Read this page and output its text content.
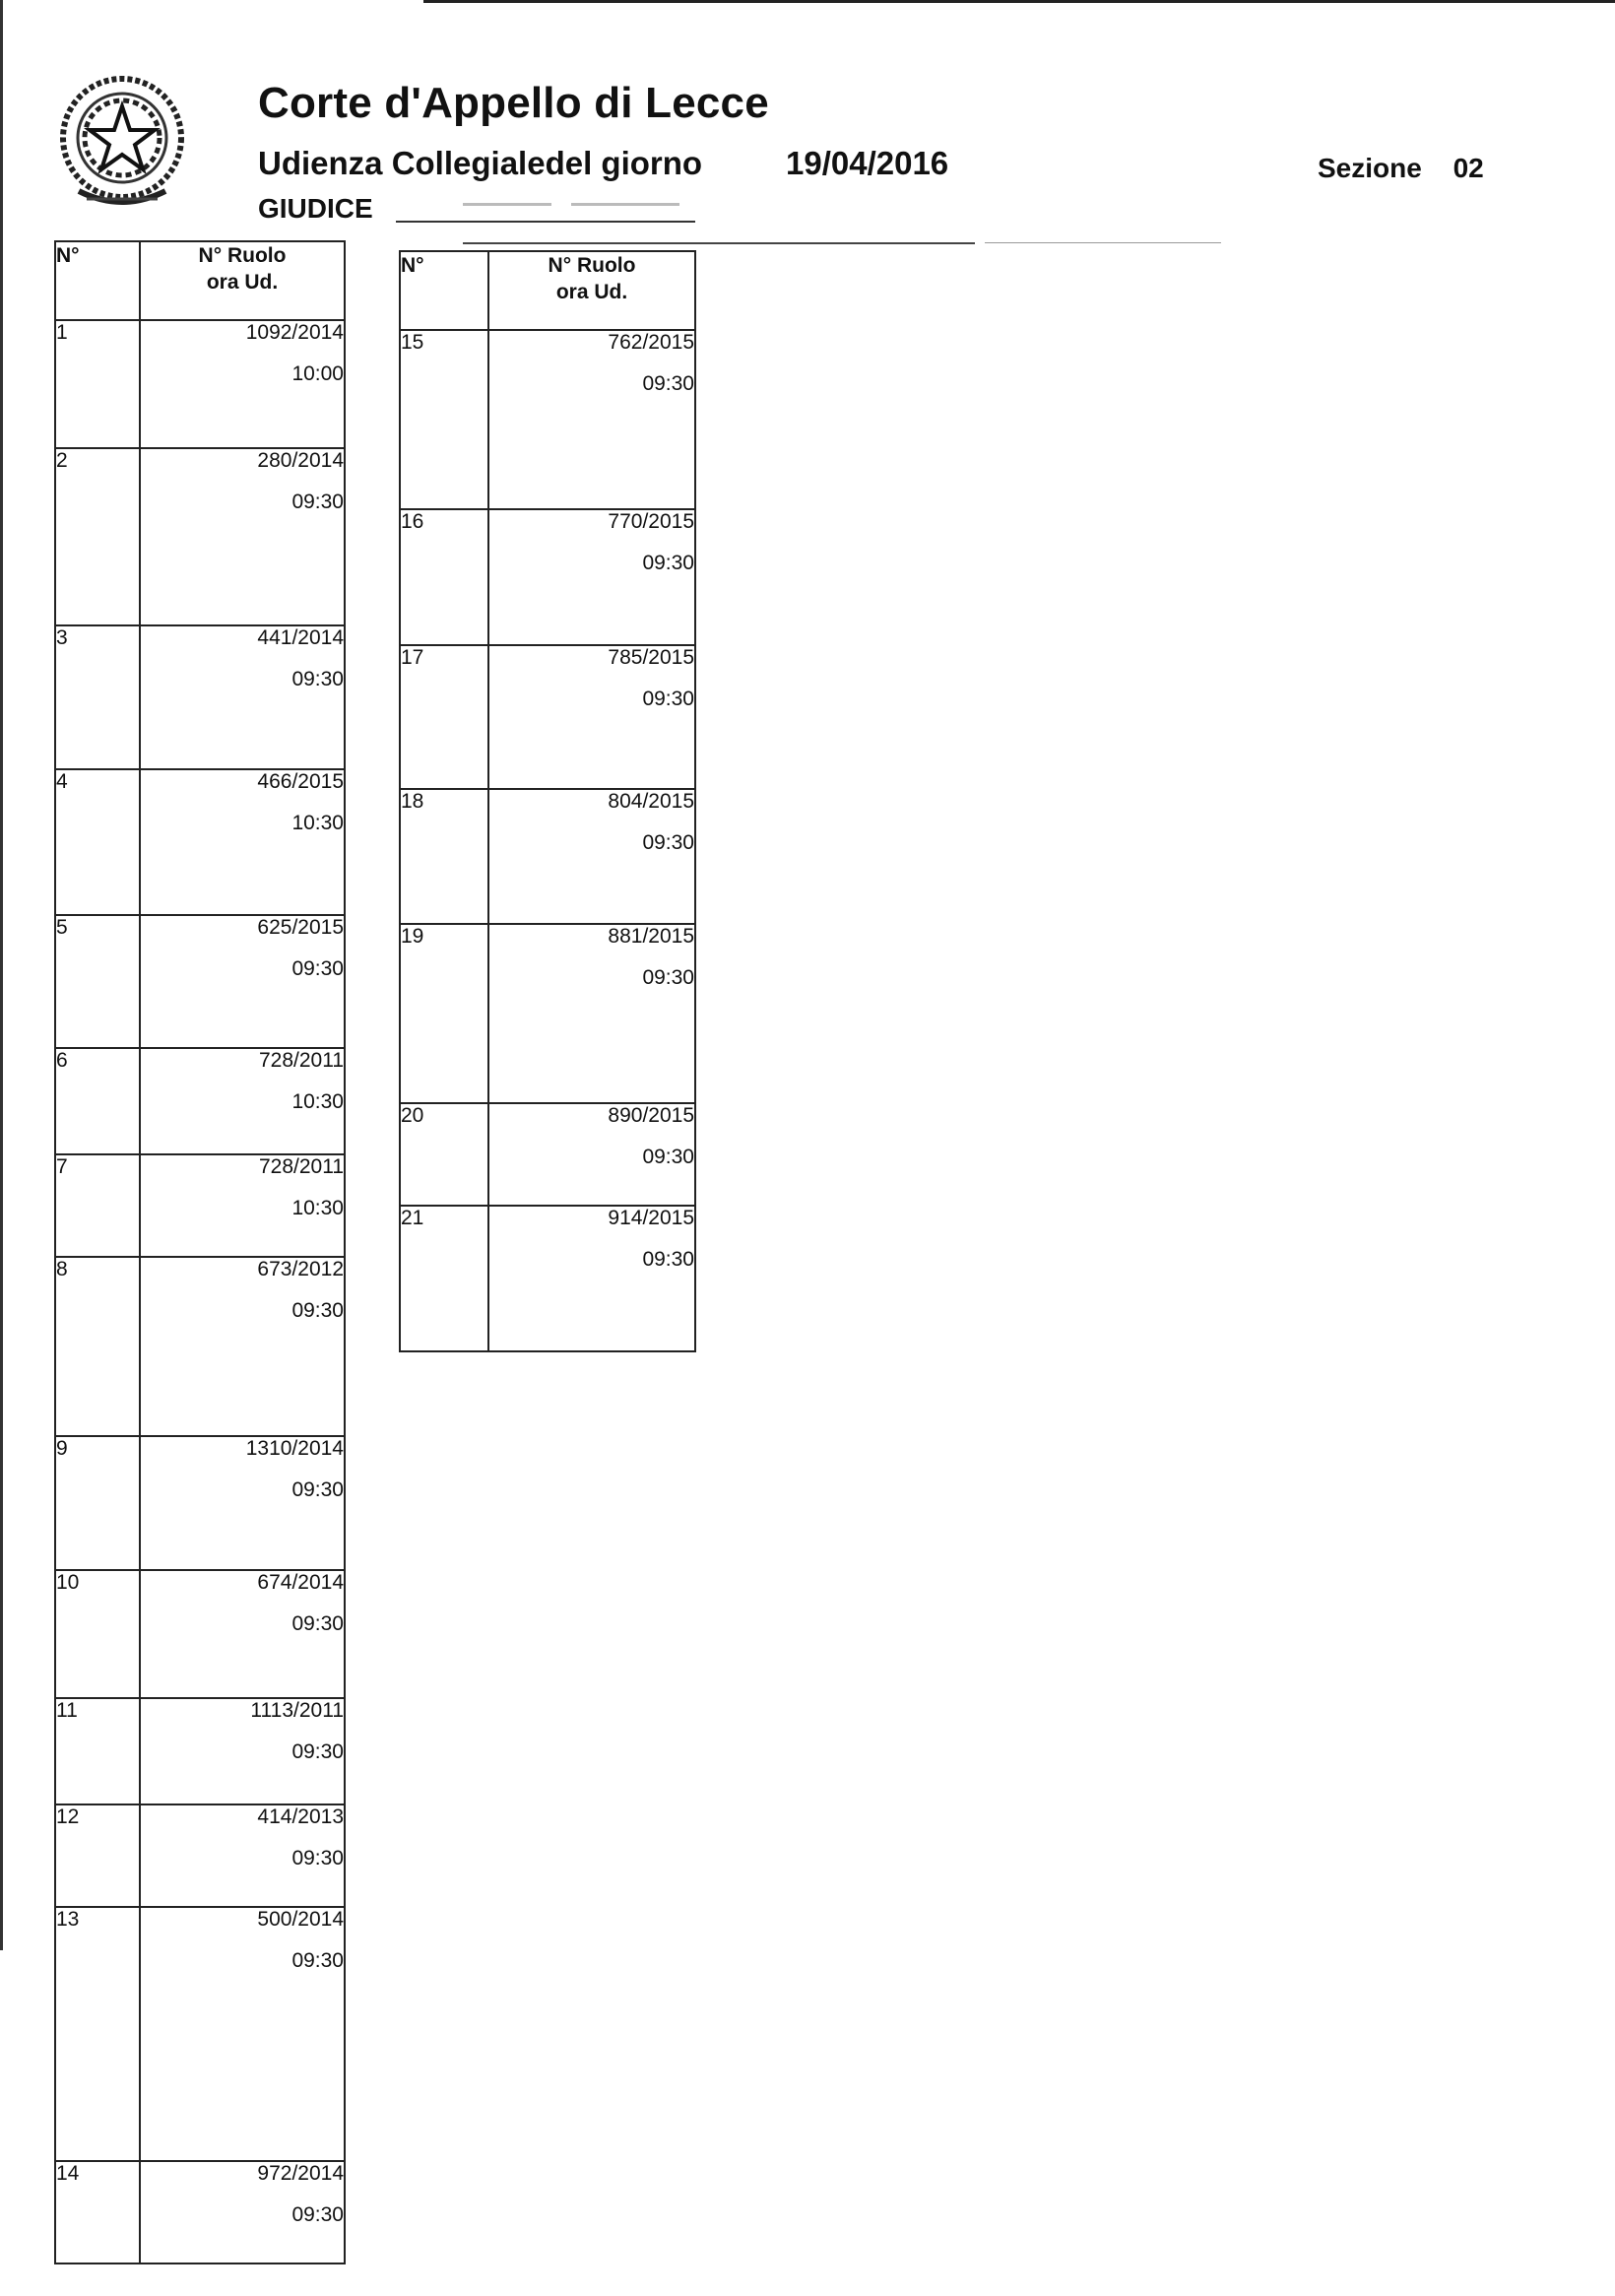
Corte d'Appello di Lecce
Udienza Collegialedel giorno	19/04/2016	Sezione 02
GIUDICE
N°	N° Ruolo
ora Ud.

1	1092/2014
10:00

2	280/2014
09:30

3	441/2014
09:30

4	466/2015
10:30

5	625/2015
09:30

6	728/2011
10:30

7	728/2011
10:30

8	673/2012
09:30

9	1310/2014
09:30

10	674/2014
09:30

11	1113/2011
09:30

12	414/2013
09:30

13	500/2014
09:30

14	972/2014
09:30
N°	N° Ruolo
ora Ud.

15	762/2015
09:30

16	770/2015
09:30

17	785/2015
09:30

18	804/2015
09:30

19	881/2015
09:30

20	890/2015
09:30

21	914/2015
09:30
